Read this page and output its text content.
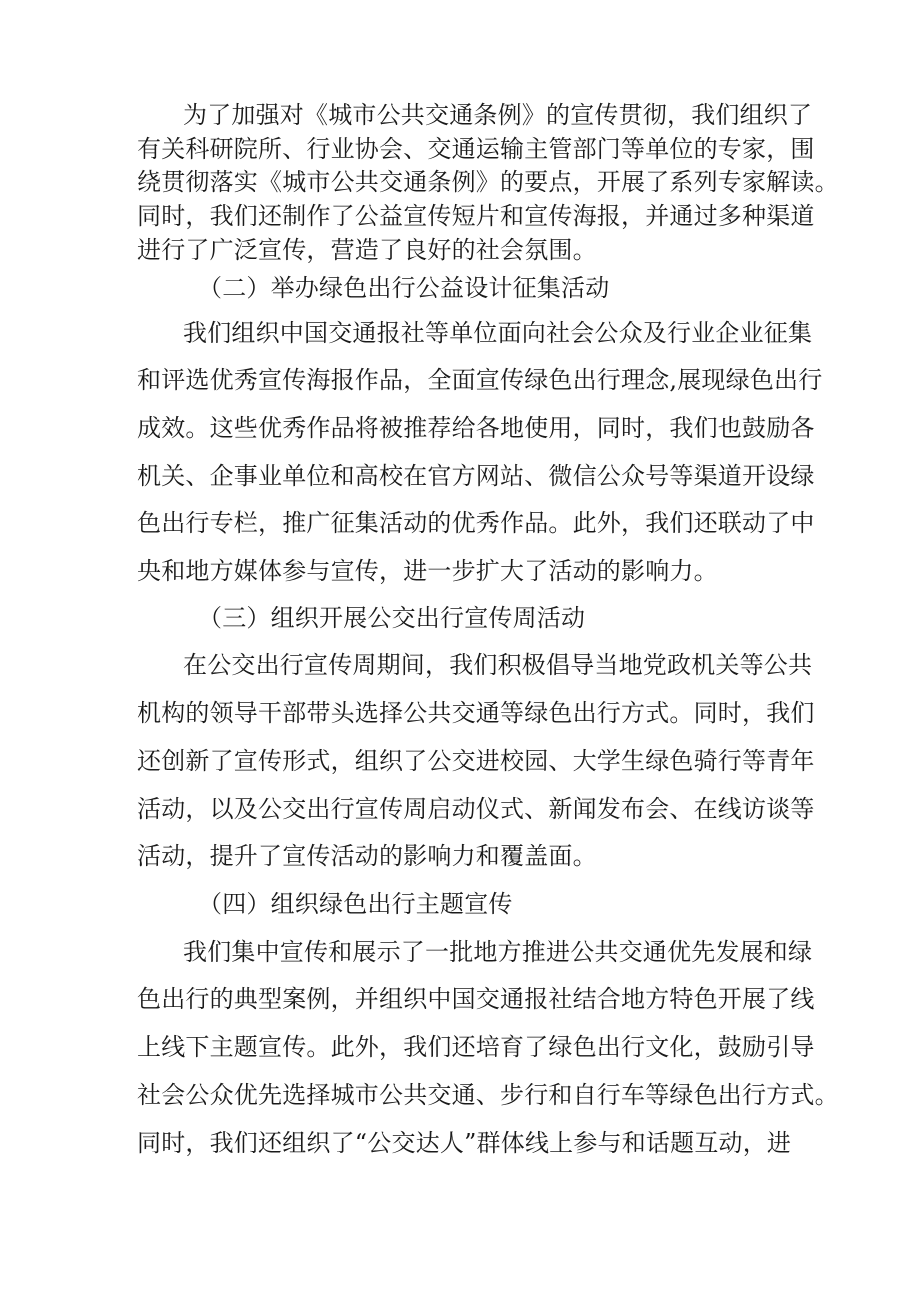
为了加强对《城市公共交通条例》的宣传贯彻，我们组织了

有关科研院所、行业协会、交通运输主管部门等单位的专家，围

绕贯彻落实《城市公共交通条例》的要点，开展了系列专家解读。

同时，我们还制作了公益宣传短片和宣传海报，并通过多种渠道

进行了广泛宣传，营造了良好的社会氛围。

（二）举办绿色出行公益设计征集活动

我们组织中国交通报社等单位面向社会公众及行业企业征集

和评选优秀宣传海报作品，全面宣传绿色出行理念,展现绿色出行

成效。这些优秀作品将被推荐给各地使用，同时，我们也鼓励各

机关、企事业单位和高校在官方网站、微信公众号等渠道开设绿

色出行专栏，推广征集活动的优秀作品。此外，我们还联动了中

央和地方媒体参与宣传，进一步扩大了活动的影响力。

（三）组织开展公交出行宣传周活动

在公交出行宣传周期间，我们积极倡导当地党政机关等公共

机构的领导干部带头选择公共交通等绿色出行方式。同时，我们

还创新了宣传形式，组织了公交进校园、大学生绿色骑行等青年

活动，以及公交出行宣传周启动仪式、新闻发布会、在线访谈等

活动，提升了宣传活动的影响力和覆盖面。

（四）组织绿色出行主题宣传

我们集中宣传和展示了一批地方推进公共交通优先发展和绿

色出行的典型案例，并组织中国交通报社结合地方特色开展了线

上线下主题宣传。此外，我们还培育了绿色出行文化，鼓励引导

社会公众优先选择城市公共交通、步行和自行车等绿色出行方式。

同时，我们还组织了“公交达人”群体线上参与和话题互动，进
